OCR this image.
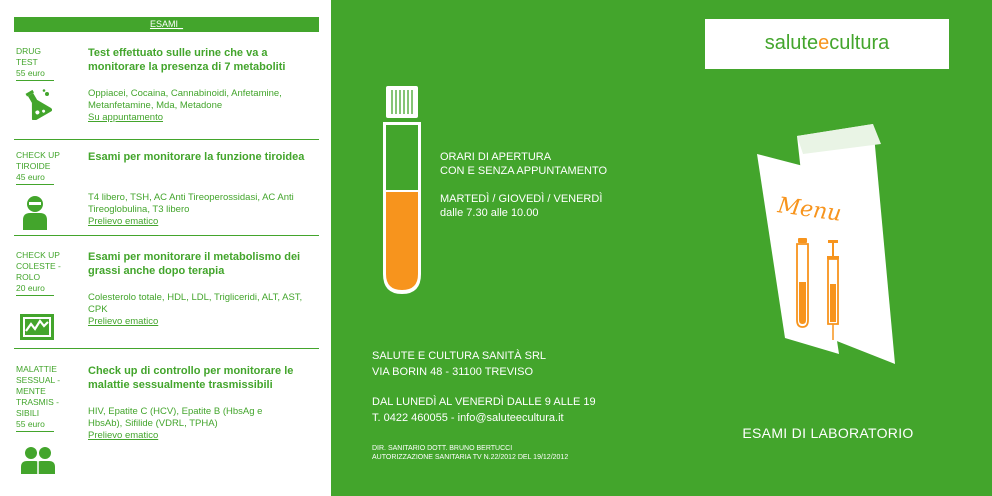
ESAMI_
DRUG
TEST
55 euro
Test effettuato sulle urine che va a monitorare la presenza di 7 metaboliti
Oppiacei, Cocaina, Cannabinoidi, Anfetamine, Metanfetamine, Mda, Metadone
Su appuntamento
CHECK UP
TIROIDE
45 euro
Esami per monitorare la funzione tiroidea
T4 libero, TSH, AC Anti Tireoperossidasi, AC Anti Tireoglobulina, T3 libero
Prelievo ematico
CHECK UP
COLESTE -
ROLO
20 euro
Esami per monitorare il metabolismo dei grassi anche dopo terapia
Colesterolo totale, HDL, LDL, Trigliceridi, ALT, AST, CPK
Prelievo ematico
MALATTIE
SESSUAL -
MENTE
TRASMIS -
SIBILI
55 euro
Check up di controllo per monitorare le malattie sessualmente trasmissibili
HIV, Epatite C (HCV), Epatite B (HbsAg e HbsAb), Sifilide (VDRL, TPHA)
Prelievo ematico
ORARI DI APERTURA
CON E SENZA APPUNTAMENTO
MARTEDÌ / GIOVEDÌ / VENERDÌ
dalle 7.30 alle 10.00
SALUTE E CULTURA SANITÀ SRL
VIA BORIN 48 - 31100 TREVISO
DAL LUNEDÌ AL VENERDÌ DALLE 9 ALLE 19
T. 0422 460055 - info@saluteecultura.it
DIR. SANITARIO DOTT. BRUNO BERTUCCI
AUTORIZZAZIONE SANITARIA TV N.22/2012 DEL 19/12/2012
saluteecultura
Menu
ESAMI DI LABORATORIO
